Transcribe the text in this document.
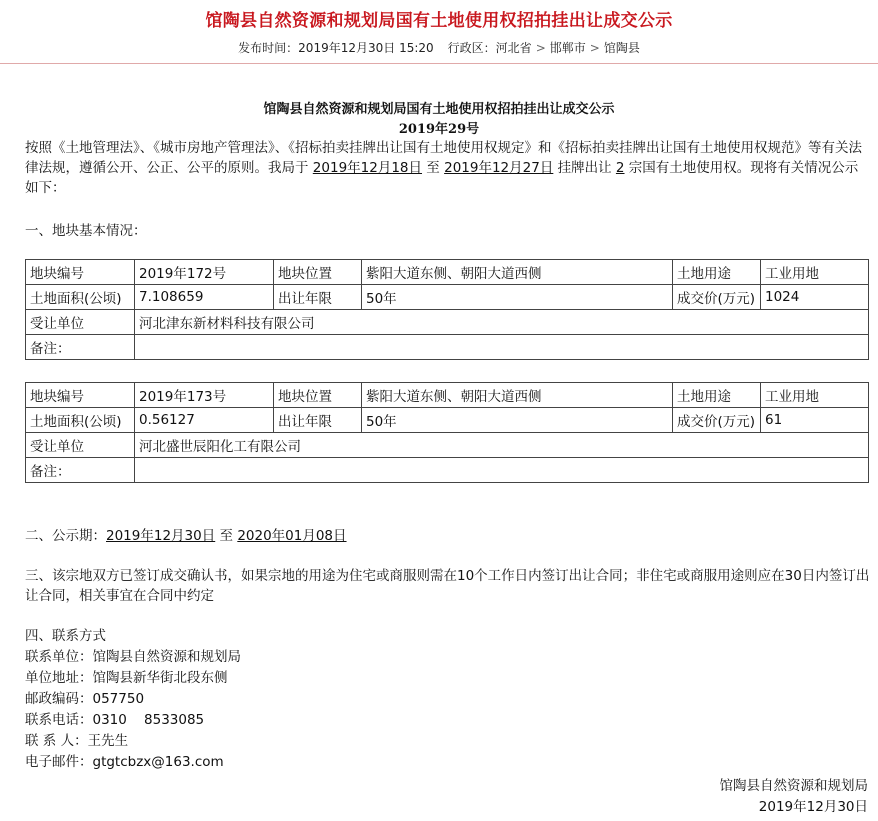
馆陶县自然资源和规划局国有土地使用权招拍挂出让成交公示
发布时间：2019年12月30日 15:20 行政区：河北省 > 邯郸市 > 馆陶县
馆陶县自然资源和规划局国有土地使用权招拍挂出让成交公示
2019年29号
按照《土地管理法》、《城市房地产管理法》、《招标拍卖挂牌出让国有土地使用权规定》和《招标拍卖挂牌出让国有土地使用权规范》等有关法律法规，遵循公开、公正、公平的原则。我局于 2019年12月18日 至 2019年12月27日 挂牌出让 2 宗国有土地使用权。现将有关情况公示如下：
一、地块基本情况：
地块编号	2019年172号	地块位置	紫阳大道东侧、朝阳大道西侧	土地用途	工业用地
土地面积(公顷)	7.108659	出让年限	50年	成交价(万元)	1024
受让单位	河北津东新材料科技有限公司				
备注：					
地块编号	2019年173号	地块位置	紫阳大道东侧、朝阳大道西侧	土地用途	工业用地
土地面积(公顷)	0.56127	出让年限	50年	成交价(万元)	61
受让单位	河北盛世辰阳化工有限公司				
备注：					
二、公示期：2019年12月30日 至 2020年01月08日
三、该宗地双方已签订成交确认书，如果宗地的用途为住宅或商服则需在10个工作日内签订出让合同；非住宅或商服用途则应在30日内签订出让合同，相关事宜在合同中约定
四、联系方式
联系单位：馆陶县自然资源和规划局
单位地址：馆陶县新华街北段东侧
邮政编码：057750
联系电话：0310    8533085
联 系 人：王先生
电子邮件：gtgtcbzx@163.com
馆陶县自然资源和规划局
2019年12月30日
